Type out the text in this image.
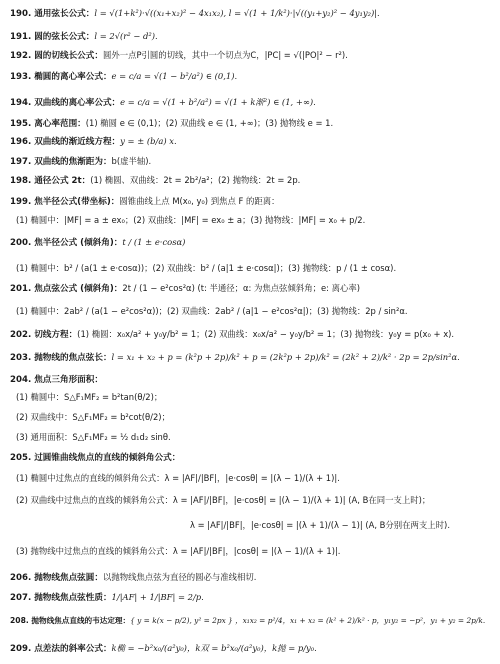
190. 通用弦长公式：l = √(1+k²)·√((x₁+x₂)² − 4x₁x₂), l = √(1 + 1/k²)·|√((y₁+y₂)² − 4y₁y₂)|.
191. 圆的弦长公式：l = 2√(r² − d²).
192. 圆的切线长公式：圆外一点P引圆的切线，其中一个切点为C，|PC| = √(|PO|² − r²).
193. 椭圆的离心率公式：e = c/a = √(1 − b²/a²) ∈ (0,1).
194. 双曲线的离心率公式：e = c/a = √(1 + b²/a²) = √(1 + k渐²) ∈ (1, +∞).
195. 离心率范围：(1) 椭圆 e ∈ (0,1)；(2) 双曲线 e ∈ (1, +∞)；(3) 抛物线 e = 1.
196. 双曲线的渐近线方程：y = ± (b/a) x.
197. 双曲线的焦渐距为：b(虚半轴).
198. 通径公式 2t：(1) 椭圆、双曲线：2t = 2b²/a²；(2) 抛物线：2t = 2p.
199. 焦半径公式(带坐标)：圆锥曲线上点 M(x₀, y₀) 到焦点 F 的距离：
(1) 椭圆中：|MF| = a ± ex₀；(2) 双曲线：|MF| = ex₀ ± a；(3) 抛物线：|MF| = x₀ + p/2.
200. 焦半径公式 (倾斜角)：t / (1 ± e·cosα)
(1) 椭圆中：b² / (a(1 ± e·cosα))；(2) 双曲线：b² / (a|1 ± e·cosα|)；(3) 抛物线：p / (1 ± cosα).
201. 焦点弦公式 (倾斜角)：2t / (1 − e²cos²α) (t: 半通径；α: 为焦点弦倾斜角；e: 离心率)
(1) 椭圆中：2ab² / (a(1 − e²cos²α))；(2) 双曲线：2ab² / (a|1 − e²cos²α|)；(3) 抛物线：2p / sin²α.
202. 切线方程：(1) 椭圆：x₀x/a² + y₀y/b² = 1；(2) 双曲线：x₀x/a² − y₀y/b² = 1；(3) 抛物线：y₀y = p(x₀ + x).
203. 抛物线的焦点弦长：l = x₁ + x₂ + p = (k²p + 2p)/k² + p = (2k²p + 2p)/k² = (2k² + 2)/k² · 2p = 2p/sin²α.
204. 焦点三角形面积：
(1) 椭圆中：S△F₁MF₂ = b²tan(θ/2)；
(2) 双曲线中：S△F₁MF₂ = b²cot(θ/2)；
(3) 通用面积：S△F₁MF₂ = ½ d₁d₂ sinθ.
205. 过圆锥曲线焦点的直线的倾斜角公式：
(1) 椭圆中过焦点的直线的倾斜角公式：λ = |AF|/|BF|，|e·cosθ| = |(λ − 1)/(λ + 1)|.
(2) 双曲线中过焦点的直线的倾斜角公式：λ = |AF|/|BF|，|e·cosθ| = |(λ − 1)/(λ + 1)| (A, B在同一支上时)；
λ = |AF|/|BF|，|e·cosθ| = |(λ + 1)/(λ − 1)| (A, B分别在两支上时).
(3) 抛物线中过焦点的直线的倾斜角公式：λ = |AF|/|BF|，|cosθ| = |(λ − 1)/(λ + 1)|.
206. 抛物线焦点弦圆：以抛物线焦点弦为直径的圆必与准线相切.
207. 抛物线焦点弦性质：1/|AF| + 1/|BF| = 2/p.
208. 抛物线焦点直线的韦达定理：{ y = k(x − p/2), y² = 2px } ，x₁x₂ = p²/4，x₁ + x₂ = (k² + 2)/k² · p，y₁y₂ = −p²，y₁ + y₂ = 2p/k.
209. 点差法的斜率公式：k椭 = −b²x₀/(a²y₀)，k双 = b²x₀/(a²y₀)，k抛 = p/y₀.
